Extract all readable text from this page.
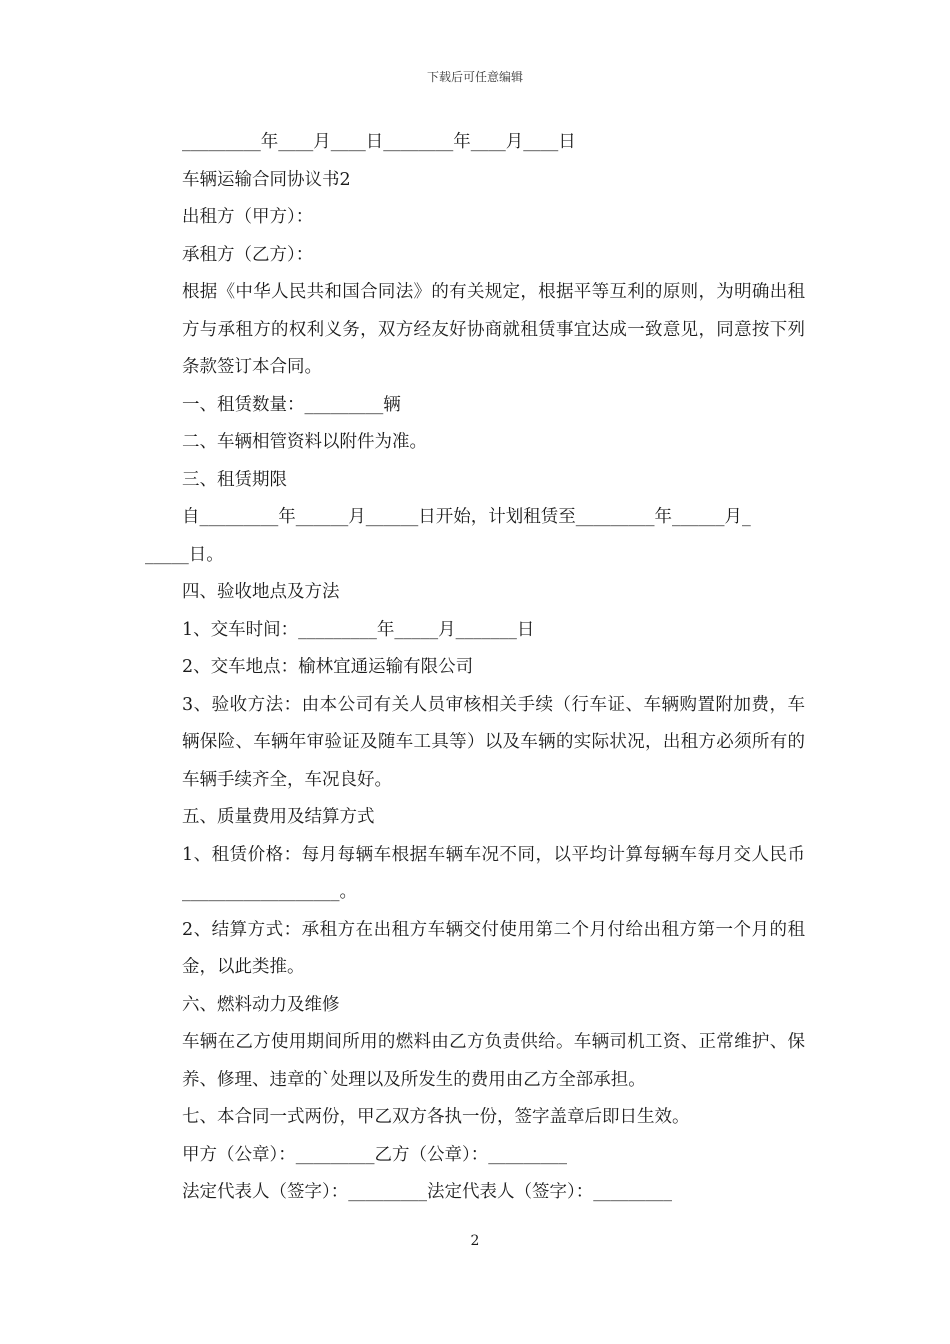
下载后可任意编辑

_________年____月____日________年____月____日

车辆运输合同协议书2

出租方（甲方）：

承租方（乙方）：

根据《中华人民共和国合同法》的有关规定，根据平等互利的原则，为明确出租方与承租方的权利义务，双方经友好协商就租赁事宜达成一致意见，同意按下列条款签订本合同。

一、租赁数量：_________辆

二、车辆相管资料以附件为准。

三、租赁期限

自_________年______月______日开始，计划租赁至_________年______月_

_____日。

四、验收地点及方法

1、交车时间：_________年_____月_______日

2、交车地点：榆林宜通运输有限公司

3、验收方法：由本公司有关人员审核相关手续（行车证、车辆购置附加费，车辆保险、车辆年审验证及随车工具等）以及车辆的实际状况，出租方必须所有的车辆手续齐全，车况良好。

五、质量费用及结算方式

1、租赁价格：每月每辆车根据车辆车况不同，以平均计算每辆车每月交人民币__________________。

2、结算方式：承租方在出租方车辆交付使用第二个月付给出租方第一个月的租金，以此类推。

六、燃料动力及维修

车辆在乙方使用期间所用的燃料由乙方负责供给。车辆司机工资、正常维护、保养、修理、违章的`处理以及所发生的费用由乙方全部承担。

七、本合同一式两份，甲乙双方各执一份，签字盖章后即日生效。

甲方（公章）：_________乙方（公章）：_________

法定代表人（签字）：_________法定代表人（签字）：_________

2
